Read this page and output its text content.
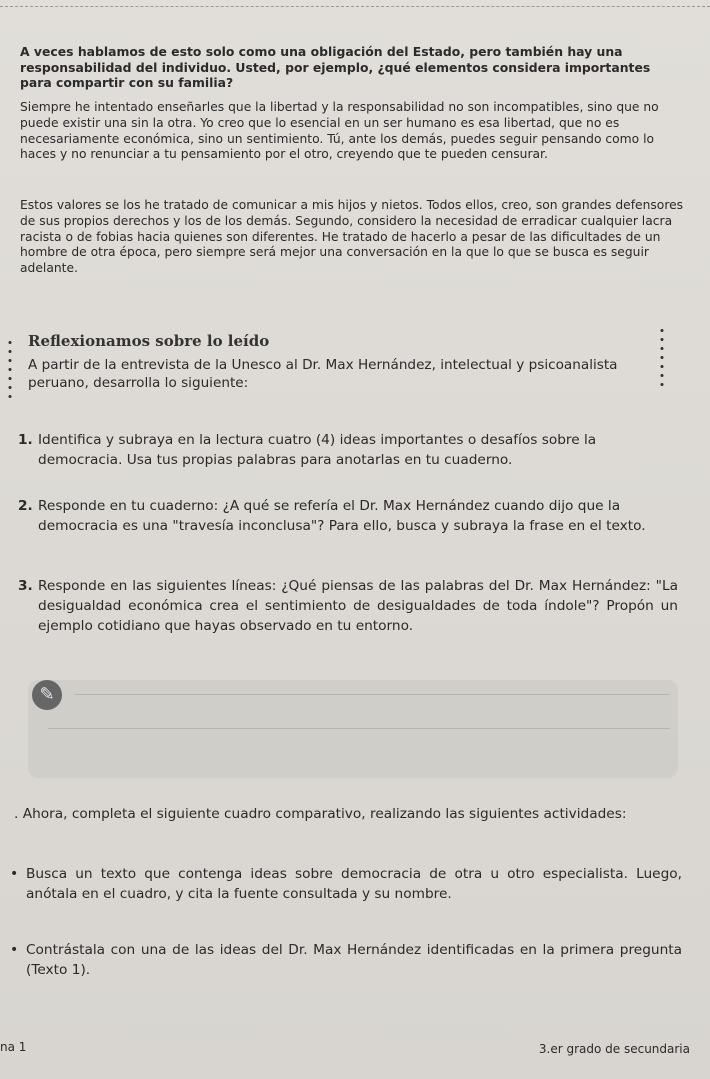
A veces hablamos de esto solo como una obligación del Estado, pero también hay una responsabilidad del individuo. Usted, por ejemplo, ¿qué elementos considera importantes para compartir con su familia?
Siempre he intentado enseñarles que la libertad y la responsabilidad no son incompatibles, sino que no puede existir una sin la otra. Yo creo que lo esencial en un ser humano es esa libertad, que no es necesariamente económica, sino un sentimiento. Tú, ante los demás, puedes seguir pensando como lo haces y no renunciar a tu pensamiento por el otro, creyendo que te pueden censurar.
Estos valores se los he tratado de comunicar a mis hijos y nietos. Todos ellos, creo, son grandes defensores de sus propios derechos y los de los demás. Segundo, considero la necesidad de erradicar cualquier lacra racista o de fobias hacia quienes son diferentes. He tratado de hacerlo a pesar de las dificultades de un hombre de otra época, pero siempre será mejor una conversación en la que lo que se busca es seguir adelante.
Reflexionamos sobre lo leído
A partir de la entrevista de la Unesco al Dr. Max Hernández, intelectual y psicoanalista peruano, desarrolla lo siguiente:
1. Identifica y subraya en la lectura cuatro (4) ideas importantes o desafíos sobre la democracia. Usa tus propias palabras para anotarlas en tu cuaderno.
2. Responde en tu cuaderno: ¿A qué se refería el Dr. Max Hernández cuando dijo que la democracia es una "travesía inconclusa"? Para ello, busca y subraya la frase en el texto.
3. Responde en las siguientes líneas: ¿Qué piensas de las palabras del Dr. Max Hernández: "La desigualdad económica crea el sentimiento de desigualdades de toda índole"? Propón un ejemplo cotidiano que hayas observado en tu entorno.
✎
. Ahora, completa el siguiente cuadro comparativo, realizando las siguientes actividades:
• Busca un texto que contenga ideas sobre democracia de otra u otro especialista. Luego, anótala en el cuadro, y cita la fuente consultada y su nombre.
• Contrástala con una de las ideas del Dr. Max Hernández identificadas en la primera pregunta (Texto 1).
na 1	3.er grado de secundaria
